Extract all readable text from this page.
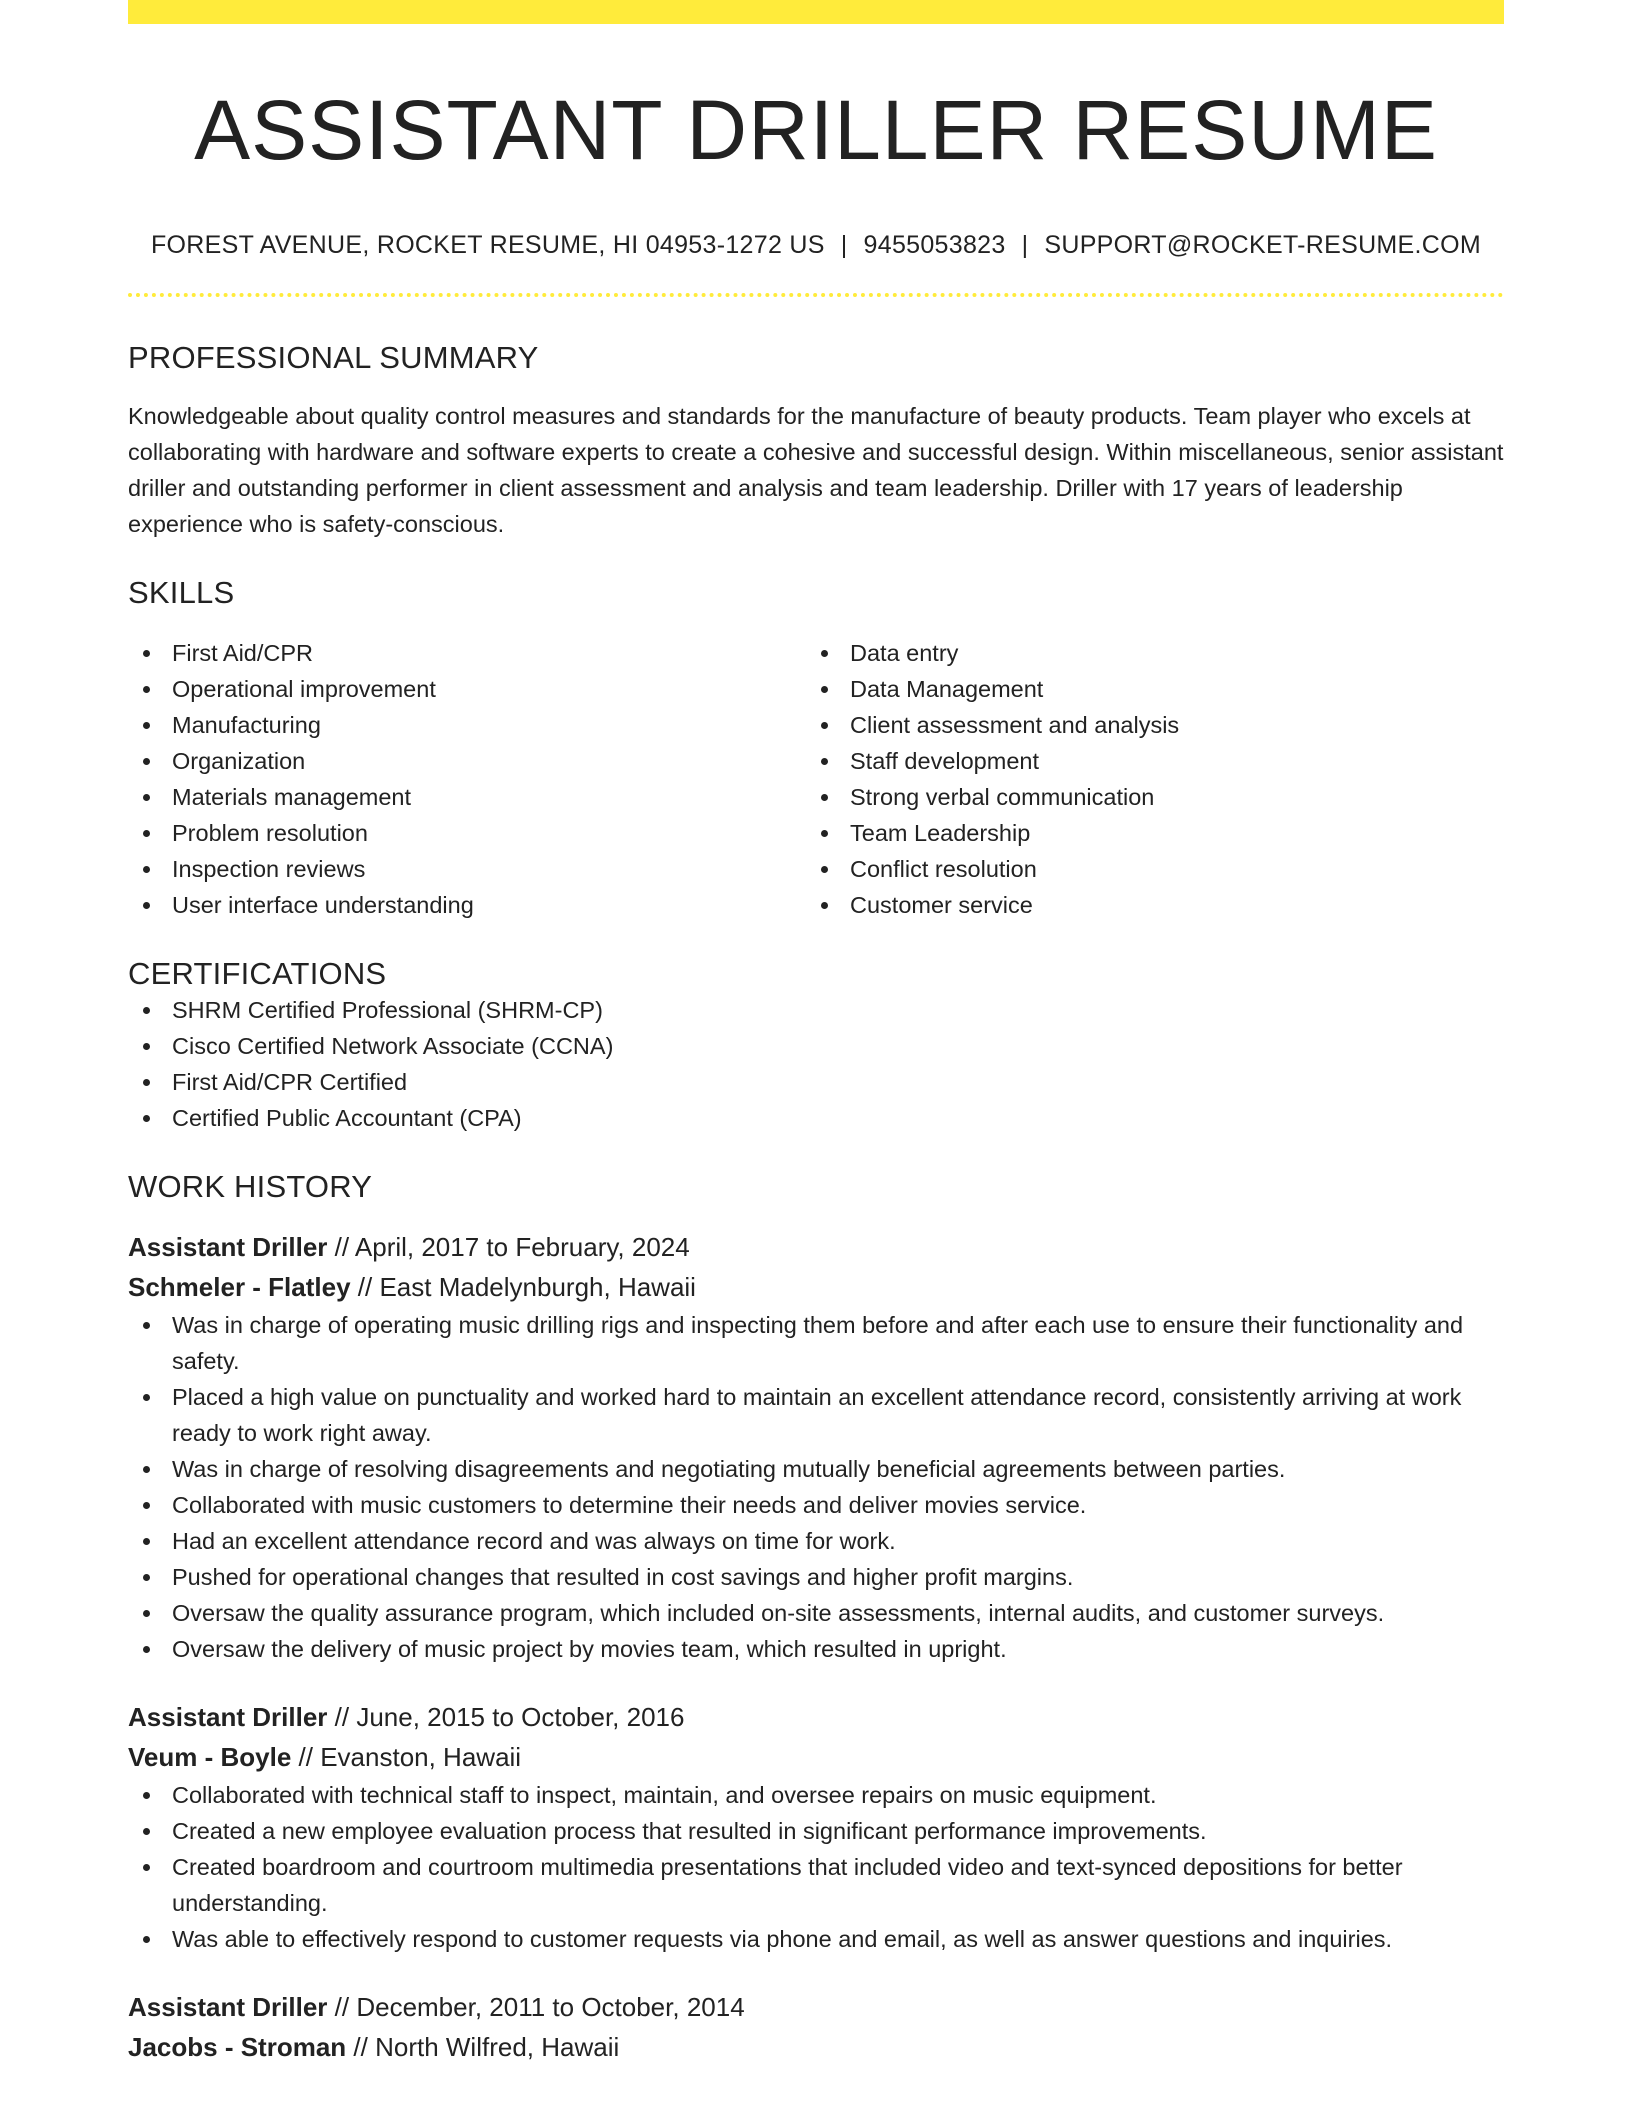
ASSISTANT DRILLER RESUME
FOREST AVENUE, ROCKET RESUME, HI 04953-1272 US | 9455053823 | SUPPORT@ROCKET-RESUME.COM
PROFESSIONAL SUMMARY

Knowledgeable about quality control measures and standards for the manufacture of beauty products. Team player who excels at collaborating with hardware and software experts to create a cohesive and successful design. Within miscellaneous, senior assistant driller and outstanding performer in client assessment and analysis and team leadership. Driller with 17 years of leadership experience who is safety-conscious.

SKILLS
First Aid/CPR
Operational improvement
Manufacturing
Organization
Materials management
Problem resolution
Inspection reviews
User interface understanding
Data entry
Data Management
Client assessment and analysis
Staff development
Strong verbal communication
Team Leadership
Conflict resolution
Customer service
CERTIFICATIONS
SHRM Certified Professional (SHRM-CP)
Cisco Certified Network Associate (CCNA)
First Aid/CPR Certified
Certified Public Accountant (CPA)
WORK HISTORY
Assistant Driller // April, 2017 to February, 2024
Schmeler - Flatley // East Madelynburgh, Hawaii
Was in charge of operating music drilling rigs and inspecting them before and after each use to ensure their functionality and safety.
Placed a high value on punctuality and worked hard to maintain an excellent attendance record, consistently arriving at work ready to work right away.
Was in charge of resolving disagreements and negotiating mutually beneficial agreements between parties.
Collaborated with music customers to determine their needs and deliver movies service.
Had an excellent attendance record and was always on time for work.
Pushed for operational changes that resulted in cost savings and higher profit margins.
Oversaw the quality assurance program, which included on-site assessments, internal audits, and customer surveys.
Oversaw the delivery of music project by movies team, which resulted in upright.
Assistant Driller // June, 2015 to October, 2016
Veum - Boyle // Evanston, Hawaii
Collaborated with technical staff to inspect, maintain, and oversee repairs on music equipment.
Created a new employee evaluation process that resulted in significant performance improvements.
Created boardroom and courtroom multimedia presentations that included video and text-synced depositions for better understanding.
Was able to effectively respond to customer requests via phone and email, as well as answer questions and inquiries.
Assistant Driller // December, 2011 to October, 2014
Jacobs - Stroman // North Wilfred, Hawaii
